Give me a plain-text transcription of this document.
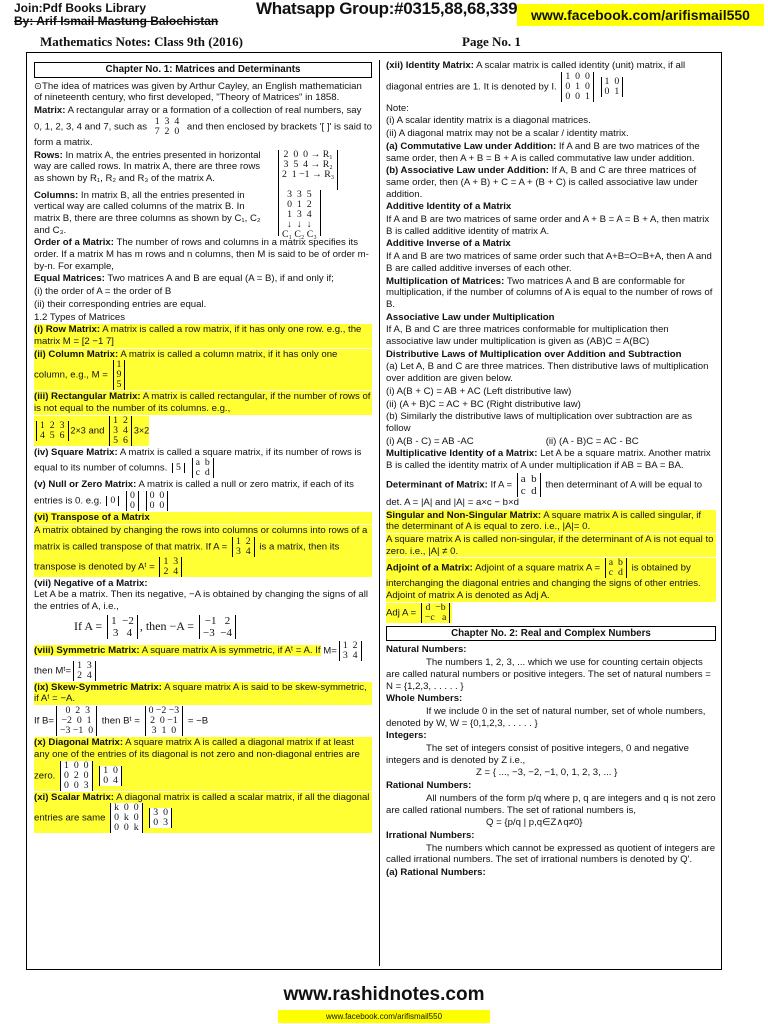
Join:Pdf Books Library
By: Arif Ismail Mastung Balochistan
Whatsapp Group:#0315,88,68,339 www.facebook.com/arifismail550
Mathematics Notes: Class 9th (2016)	Page No. 1
Chapter No. 1: Matrices and Determinants

⊙The idea of matrices was given by Arthur Cayley, an English mathematician of nineteenth century, who first developed, "Theory of Matrices" in 1858.

Matrix: A rectangular array or a formation of a collection of real numbers, say 0, 1, 2, 3, 4 and 7, such as
1  3  4
7  2  0 and then enclosed by brackets '[ ]' is said to form a matrix.

Rows: In matrix A, the entries presented in horizontal way are called rows. In matrix A, there are three rows as shown by R₁, R₂ and R₃ of the matrix A.

2  0  0 → R₁
3  5  4 → R₂
2  1 −1 → R₃

Columns: In matrix B, all the entries presented in vertical way are called columns of the matrix B. In matrix B, there are three columns as shown by C₁, C₂ and C₃.

3  3  5
0  1  2
1  3  4
↓  ↓  ↓
C₁ C₂ C₃

Order of a Matrix: The number of rows and columns in a matrix specifies its order. If a matrix M has m rows and n columns, then M is said to be of order m-by-n. For example,

Equal Matrices: Two matrices A and B are equal (A = B), if and only if;

(i) the order of A = the order of B

(ii) their corresponding entries are equal.

1.2 Types of Matrices

(i) Row Matrix: A matrix is called a row matrix, if it has only one row. e.g., the matrix M = [2 −1 7]

(ii) Column Matrix: A matrix is called a column matrix, if it has only one column, e.g., M =
1
9
5

(iii) Rectangular Matrix: A matrix is called rectangular, if the number of rows of is not equal to the number of its columns. e.g.,

1  2  3
4  5  6 2×3 and
1  2
3  4
5  6
3×2

(iv) Square Matrix: A matrix is called a square matrix, if its number of rows is equal to its number of columns. 5
a  b
c  d

(v) Null or Zero Matrix: A matrix is called a null or zero matrix, if each of its entries is 0. e.g. 0
0
0

0  0
0  0

(vi) Transpose of a Matrix

A matrix obtained by changing the rows into columns or columns into rows of a matrix is called transpose of that matrix. If A =
1  2
3  4 is a matrix, then its transpose is denoted by Aᵗ =
1  3
2  4

(vii) Negative of a Matrix:
Let A be a matrix. Then its negative, −A is obtained by changing the signs of all the entries of A, i.e.,

If A = 1  −2
3   4
, then −A = −1   2
−3  −4

(viii) Symmetric Matrix: A square matrix A is symmetric, if Aᵗ = A. If M=
1  2
3  4
then Mᵗ=
1  3
2  4

(ix) Skew-Symmetric Matrix: A square matrix A is said to be skew-symmetric, if Aᵗ = −A.

If B=
0  2  3
−2  0  1
−3 −1  0
then Bᵗ =
0 −2 −3
2  0 −1
3  1  0
= −B

(x) Diagonal Matrix: A square matrix A is called a diagonal matrix if at least any one of the entries of its diagonal is not zero and non-diagonal entries are zero.
1  0  0
0  2  0
0  0  3

1  0
0  4

(xi) Scalar Matrix: A diagonal matrix is called a scalar matrix, if all the diagonal entries are same
k  0  0
0  k  0
0  0  k

3  0
0  3

(xii) Identity Matrix: A scalar matrix is called identity (unit) matrix, if all diagonal entries are 1. It is denoted by I.
1  0  0
0  1  0
0  0  1

1  0
0  1

Note:

(i) A scalar identity matrix is a diagonal matrices.

(ii) A diagonal matrix may not be a scalar / identity matrix.

(a) Commutative Law under Addition: If A and B are two matrices of the same order, then A + B = B + A is called commutative law under addition.

(b) Associative Law under Addition: If A, B and C are three matrices of same order, then (A + B) + C = A + (B + C) is called associative law under addition.

Additive Identity of a Matrix

If A and B are two matrices of same order and A + B = A = B + A, then matrix B is called additive identity of matrix A.

Additive Inverse of a Matrix

If A and B are two matrices of same order such that A+B=O=B+A, then A and B are called additive inverses of each other.

Multiplication of Matrices: Two matrices A and B are conformable for multiplication, if the number of columns of A is equal to the number of rows of B.

Associative Law under Multiplication

If A, B and C are three matrices conformable for multiplication then associative law under multiplication is given as (AB)C = A(BC)

Distributive Laws of Multiplication over Addition and Subtraction

(a) Let A, B and C are three matrices. Then distributive laws of multiplication over addition are given below.

(i) A(B + C) = AB + AC (Left distributive law)

(ii) (A + B)C = AC + BC (Right distributive law)

(b) Similarly the distributive laws of multiplication over subtraction are as follow

(i) A(B - C) = AB -AC	(ii) (A - B)C = AC - BC

Multiplicative Identity of a Matrix: Let A be a square matrix. Another matrix B is called the identity matrix of A under multiplication if AB = BA = BA.

Determinant of Matrix: If A =
a  b
c  d then determinant of A will be equal to det. A = |A| and |A| = a×c − b×d

Singular and Non-Singular Matrix: A square matrix A is called singular, if the determinant of A is equal to zero. i.e., |A|= 0.

A square matrix A is called non-singular, if the determinant of A is not equal to zero. i.e., |A| ≠ 0.

Adjoint of a Matrix: Adjoint of a square matrix A =
a  b
c  d is obtained by interchanging the diagonal entries and changing the signs of other entries. Adjoint of matrix A is denoted as Adj A.

Adj A =
d  −b
−c   a

Chapter No. 2: Real and Complex Numbers

Natural Numbers:

The numbers 1, 2, 3, ... which we use for counting certain objects are called natural numbers or positive integers. The set of natural numbers = N = {1,2,3, . . . . . }

Whole Numbers:

If we include 0 in the set of natural number, set of whole numbers, denoted by W, W = {0,1,2,3, . . . . . }

Integers:

The set of integers consist of positive integers, 0 and negative integers and is denoted by Z i.e.,

Z = { ..., −3, −2, −1, 0, 1, 2, 3, ... }

Rational Numbers:

All numbers of the form p/q where p, q are integers and q is not zero are called rational numbers. The set of rational numbers is,

Q = {p/q | p,q∈Z∧q≠0}

Irrational Numbers:

The numbers which cannot be expressed as quotient of integers are called irrational numbers. The set of irrational numbers is denoted by Q'.

(a) Rational Numbers:

www.rashidnotes.com
www.facebook.com/arifismail550
